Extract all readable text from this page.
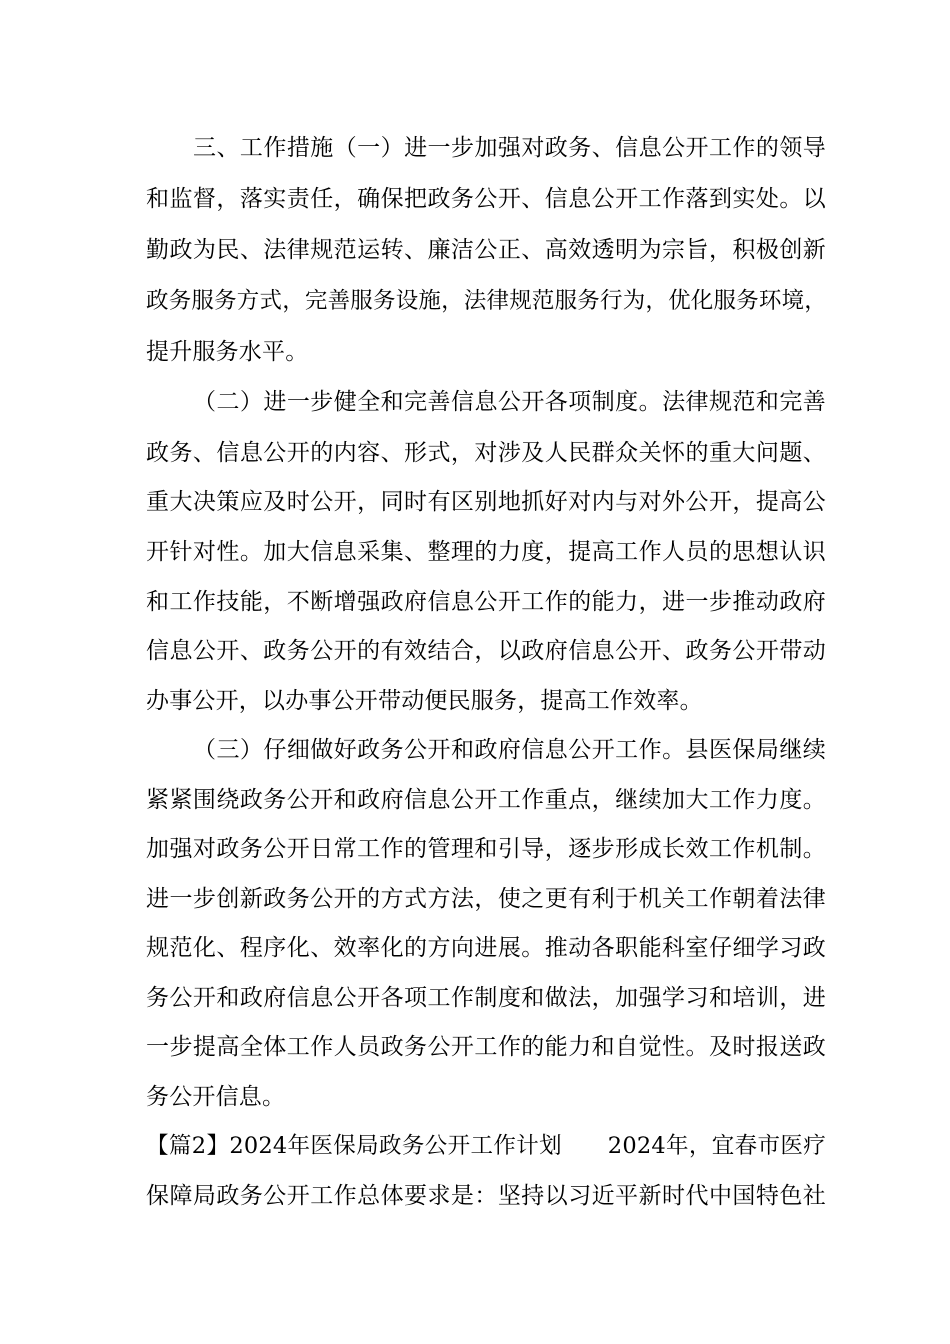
三、工作措施（一）进一步加强对政务、信息公开工作的领导
和监督，落实责任，确保把政务公开、信息公开工作落到实处。以
勤政为民、法律规范运转、廉洁公正、高效透明为宗旨，积极创新
政务服务方式，完善服务设施，法律规范服务行为，优化服务环境，
提升服务水平。
（二）进一步健全和完善信息公开各项制度。法律规范和完善
政务、信息公开的内容、形式，对涉及人民群众关怀的重大问题、
重大决策应及时公开，同时有区别地抓好对内与对外公开，提高公
开针对性。加大信息采集、整理的力度，提高工作人员的思想认识
和工作技能，不断增强政府信息公开工作的能力，进一步推动政府
信息公开、政务公开的有效结合，以政府信息公开、政务公开带动
办事公开，以办事公开带动便民服务，提高工作效率。
（三）仔细做好政务公开和政府信息公开工作。县医保局继续
紧紧围绕政务公开和政府信息公开工作重点，继续加大工作力度。
加强对政务公开日常工作的管理和引导，逐步形成长效工作机制。
进一步创新政务公开的方式方法，使之更有利于机关工作朝着法律
规范化、程序化、效率化的方向进展。推动各职能科室仔细学习政
务公开和政府信息公开各项工作制度和做法，加强学习和培训，进
一步提高全体工作人员政务公开工作的能力和自觉性。及时报送政
务公开信息。
【篇2】2024年医保局政务公开工作计划　　2024年，宜春市医疗
保障局政务公开工作总体要求是：坚持以习近平新时代中国特色社
